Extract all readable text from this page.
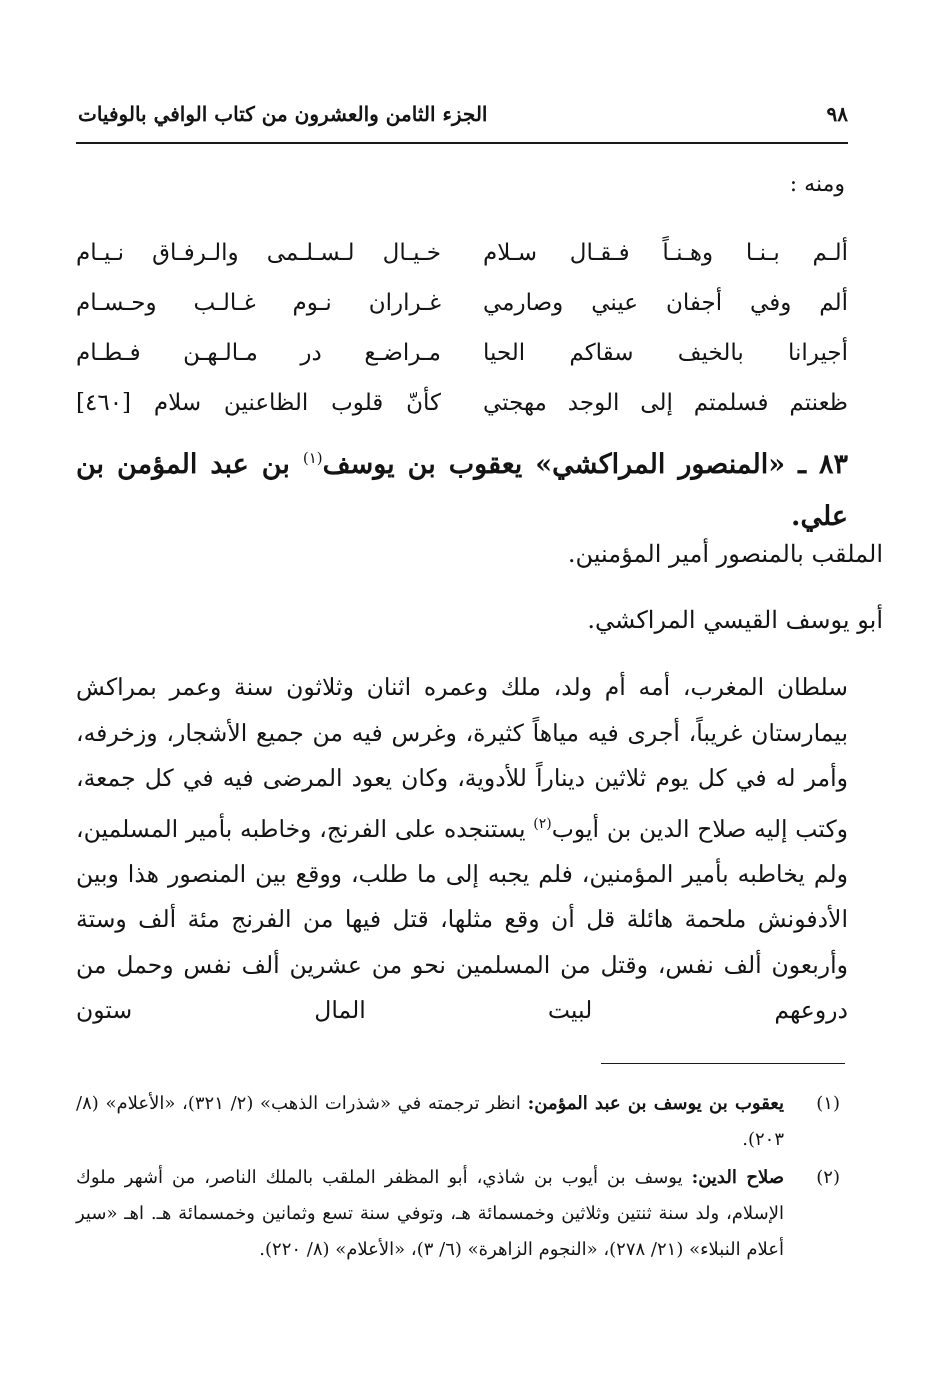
٩٨
الجزء الثامن والعشرون من كتاب الوافي بالوفيات
ومنه :
ألـم بـنـا وهـنـاً فـقـال سـلام
خـيـال لـسـلـمى والـرفـاق نـيـام
ألم وفي أجفان عيني وصارمي
غـراران نـوم غـالـب وحـسـام
أجيرانا بالخيف سقاكم الحيا
مـراضـع در مـالـهـن فـطـام
ظعنتم فسلمتم إلى الوجد مهجتي
كأنّ قلوب الظاعنين سلام [٤٦٠]
٨٣ ـ «المنصور المراكشي» يعقوب بن يوسف$^{(١)}$ بن عبد المؤمن بن علي.
الملقب بالمنصور أمير المؤمنين.
أبو يوسف القيسي المراكشي.
سلطان المغرب، أمه أم ولد، ملك وعمره اثنان وثلاثون سنة وعمر بمراكش بيمارستان غريباً، أجرى فيه مياهاً كثيرة، وغرس فيه من جميع الأشجار، وزخرفه، وأمر له في كل يوم ثلاثين ديناراً للأدوية، وكان يعود المرضى فيه في كل جمعة، وكتب إليه صلاح الدين بن أيوب$^{(٢)}$ يستنجده على الفرنج، وخاطبه بأمير المسلمين، ولم يخاطبه بأمير المؤمنين، فلم يجبه إلى ما طلب، ووقع بين المنصور هذا وبين الأدفونش ملحمة هائلة قل أن وقع مثلها، قتل فيها من الفرنج مئة ألف وستة وأربعون ألف نفس، وقتل من المسلمين نحو من عشرين ألف نفس وحمل من دروعهم لبيت المال ستون
(١)
يعقوب بن يوسف بن عبد المؤمن: انظر ترجمته في «شذرات الذهب» (٢/ ٣٢١)، «الأعلام» (٨/ ٢٠٣).
(٢)
صلاح الدين: يوسف بن أيوب بن شاذي، أبو المظفر الملقب بالملك الناصر، من أشهر ملوك الإسلام، ولد سنة ثنتين وثلاثين وخمسمائة هـ، وتوفي سنة تسع وثمانين وخمسمائة هـ. اهـ «سير أعلام النبلاء» (٢١/ ٢٧٨)، «النجوم الزاهرة» (٦/ ٣)، «الأعلام» (٨/ ٢٢٠).
